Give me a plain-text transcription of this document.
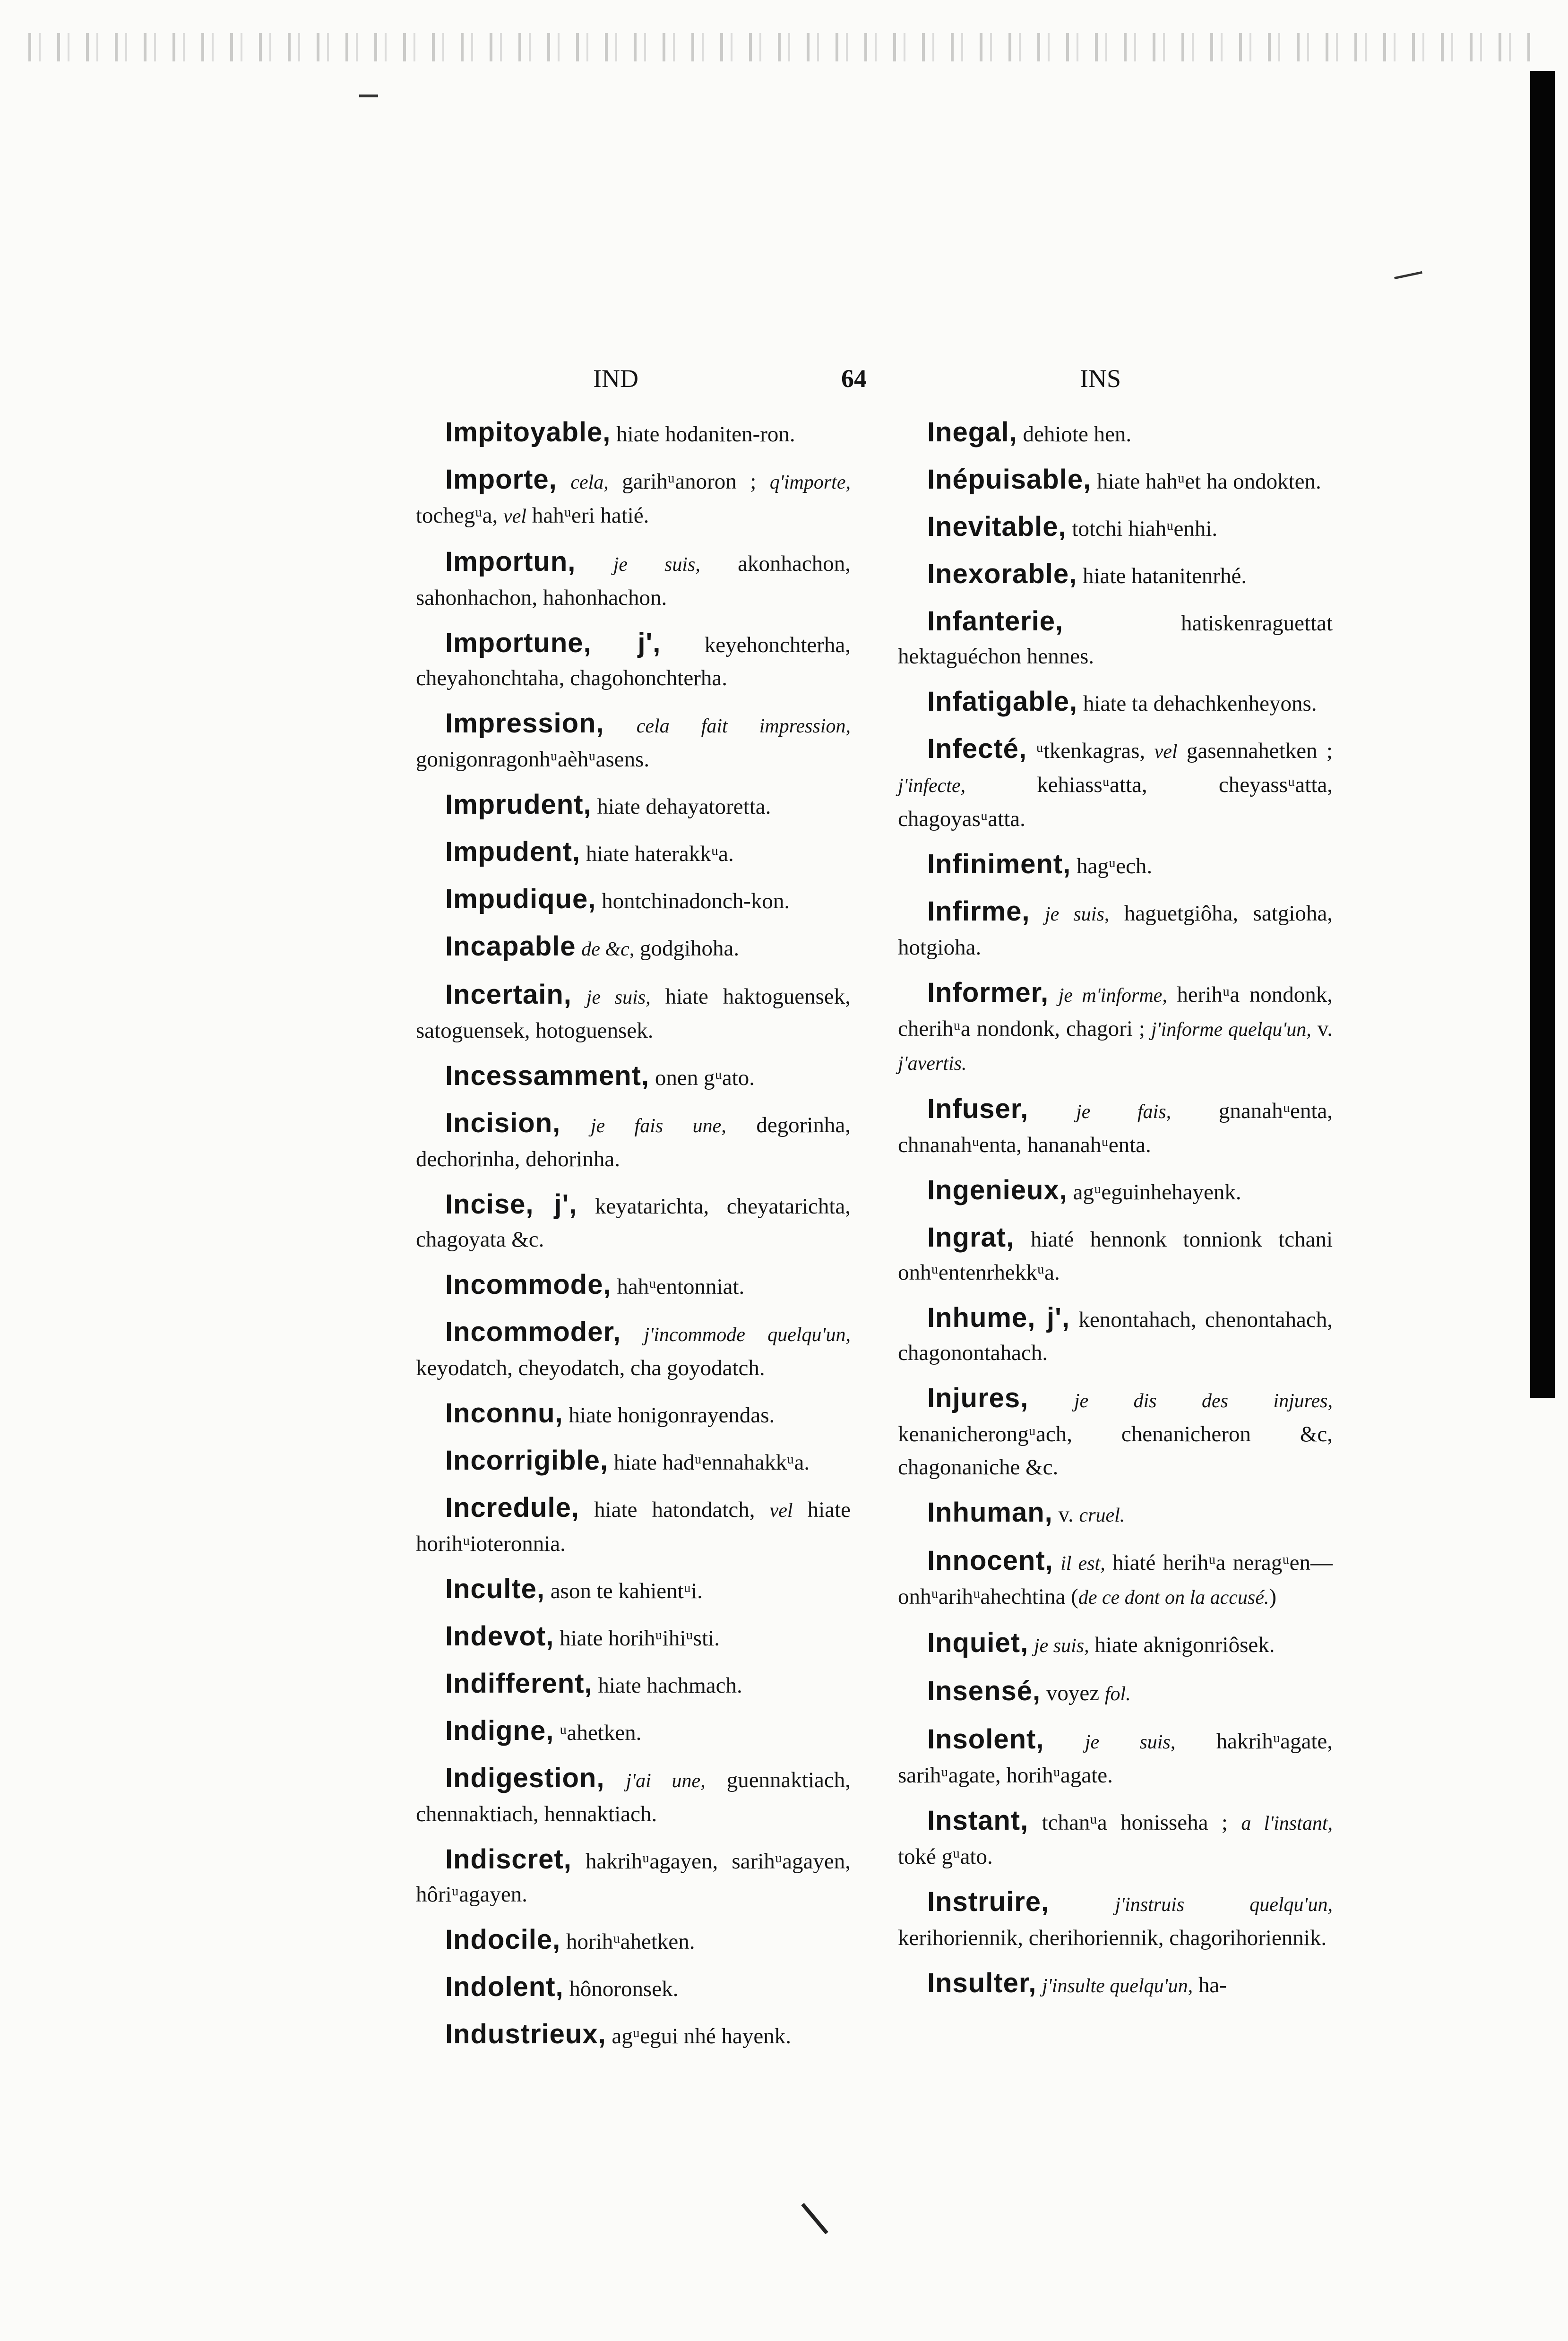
IND	64	INS
Impitoyable, hiate hodaniten-ron.
Importe, cela, garihᵘanoron ; q'importe, tochegᵘa, vel hahᵘeri hatié.
Importun, je suis, akonhachon, sahonhachon, hahonhachon.
Importune, j', keyehonchterha, cheyahonchtaha, chagohonchterha.
Impression, cela fait impression, gonigonragonhᵘaèhᵘasens.
Imprudent, hiate dehayatoretta.
Impudent, hiate haterakkᵘa.
Impudique, hontchinadonch-kon.
Incapable de &c, godgihoha.
Incertain, je suis, hiate haktoguensek, satoguensek, hotoguensek.
Incessamment, onen gᵘato.
Incision, je fais une, degorinha, dechorinha, dehorinha.
Incise, j', keyatarichta, cheyatarichta, chagoyata &c.
Incommode, hahᵘentonniat.
Incommoder, j'incommode quelqu'un, keyodatch, cheyodatch, cha goyodatch.
Inconnu, hiate honigonrayendas.
Incorrigible, hiate hadᵘennahakkᵘa.
Incredule, hiate hatondatch, vel hiate horihᵘioteronnia.
Inculte, ason te kahientᵘi.
Indevot, hiate horihᵘihiᵘsti.
Indifferent, hiate hachmach.
Indigne, ᵘahetken.
Indigestion, j'ai une, guennaktiach, chennaktiach, hennaktiach.
Indiscret, hakrihᵘagayen, sarihᵘagayen, hôriᵘagayen.
Indocile, horihᵘahetken.
Indolent, hônoronsek.
Industrieux, agᵘegui nhé hayenk.
Inegal, dehiote hen.
Inépuisable, hiate hahᵘet ha ondokten.
Inevitable, totchi hiahᵘenhi.
Inexorable, hiate hatanitenrhé.
Infanterie, hatiskenraguettat hektaguéchon hennes.
Infatigable, hiate ta dehachkenheyons.
Infecté, ᵘtkenkagras, vel gasennahetken ; j'infecte, kehiassᵘatta, cheyassᵘatta, chagoyasᵘatta.
Infiniment, hagᵘech.
Infirme, je suis, haguetgiôha, satgioha, hotgioha.
Informer, je m'informe, herihᵘa nondonk, cherihᵘa nondonk, chagori ; j'informe quelqu'un, v. j'avertis.
Infuser, je fais, gnanahᵘenta, chnanahᵘenta, hananahᵘenta.
Ingenieux, agᵘeguinhehayenk.
Ingrat, hiaté hennonk tonnionk tchani onhᵘentenrhekkᵘa.
Inhume, j', kenontahach, chenontahach, chagonontahach.
Injures, je dis des injures, kenanicherongᵘach, chenanicheron &c, chagonaniche &c.
Inhuman, v. cruel.
Innocent, il est, hiaté herihᵘa neragᵘen—onhᵘarihᵘahechtina (de ce dont on la accusé.)
Inquiet, je suis, hiate aknigonriôsek.
Insensé, voyez fol.
Insolent, je suis, hakrihᵘagate, sarihᵘagate, horihᵘagate.
Instant, tchanᵘa honisseha ; a l'instant, toké gᵘato.
Instruire,	j'instruis quelqu'un, kerihoriennik, cherihoriennik, chagorihoriennik.
Insulter, j'insulte quelqu'un, ha-
